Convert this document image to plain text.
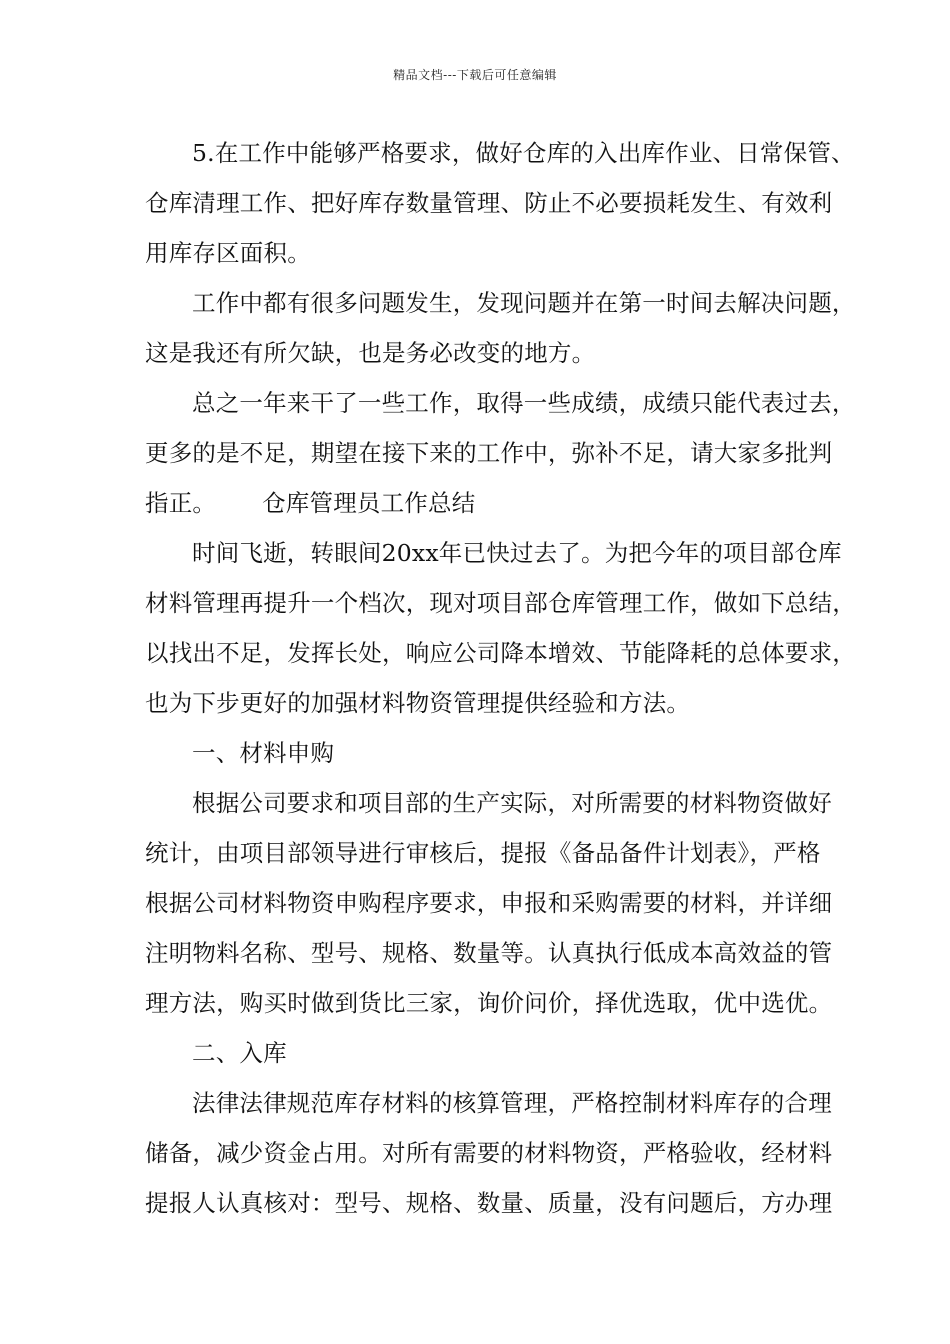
精品文档---下载后可任意编辑
5.在工作中能够严格要求，做好仓库的入出库作业、日常保管、
仓库清理工作、把好库存数量管理、防止不必要损耗发生、有效利
用库存区面积。
工作中都有很多问题发生，发现问题并在第一时间去解决问题，
这是我还有所欠缺，也是务必改变的地方。
总之一年来干了一些工作，取得一些成绩，成绩只能代表过去，
更多的是不足，期望在接下来的工作中，弥补不足，请大家多批判
指正。 仓库管理员工作总结
时间飞逝，转眼间20xx年已快过去了。为把今年的项目部仓库
材料管理再提升一个档次，现对项目部仓库管理工作，做如下总结，
以找出不足，发挥长处，响应公司降本增效、节能降耗的总体要求，
也为下步更好的加强材料物资管理提供经验和方法。
一、材料申购
根据公司要求和项目部的生产实际，对所需要的材料物资做好
统计，由项目部领导进行审核后，提报《备品备件计划表》，严格
根据公司材料物资申购程序要求，申报和采购需要的材料，并详细
注明物料名称、型号、规格、数量等。认真执行低成本高效益的管
理方法，购买时做到货比三家，询价问价，择优选取，优中选优。
二、入库
法律法律规范库存材料的核算管理，严格控制材料库存的合理
储备，减少资金占用。对所有需要的材料物资，严格验收，经材料
提报人认真核对：型号、规格、数量、质量，没有问题后，方办理
